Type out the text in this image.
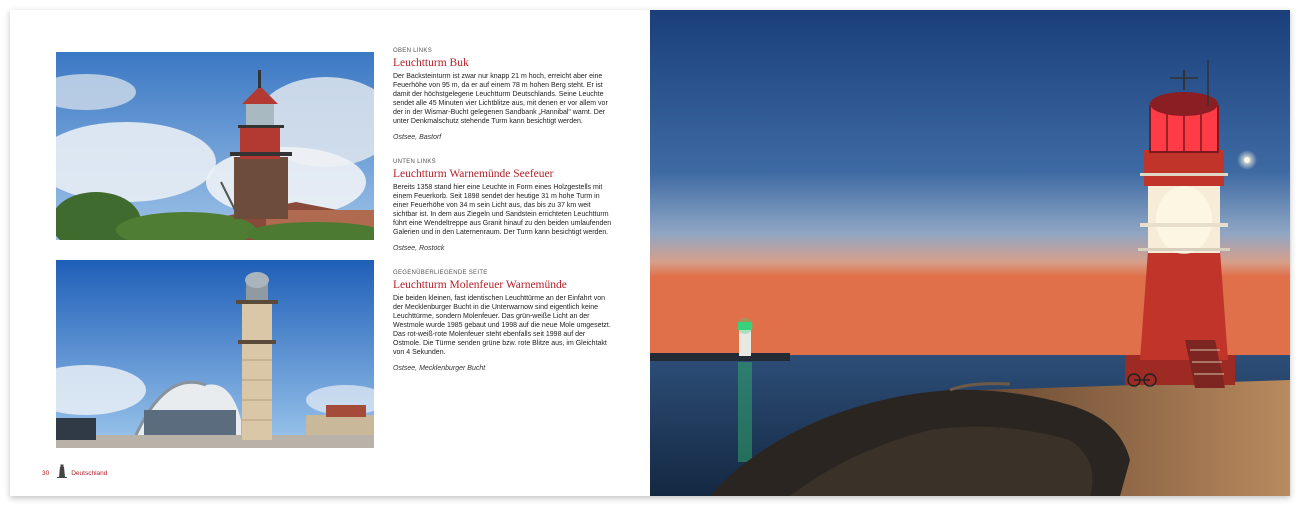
OBEN LINKS
Leuchtturm Buk
Der Backsteinturm ist zwar nur knapp 21 m hoch, erreicht aber eine Feuerhöhe von 95 m, da er auf einem 78 m hohen Berg steht. Er ist damit der höchstgelegene Leuchtturm Deutschlands. Seine Leuchte sendet alle 45 Minuten vier Lichtblitze aus, mit denen er vor allem vor der in der Wismar-Bucht gelegenen Sandbank „Hannibal“ warnt. Der unter Denkmalschutz stehende Turm kann besichtigt werden.
Ostsee, Bastorf
UNTEN LINKS
Leuchtturm Warnemünde Seefeuer
Bereits 1358 stand hier eine Leuchte in Form eines Holzgestells mit einem Feuerkorb. Seit 1898 sendet der heutige 31 m hohe Turm in einer Feuerhöhe von 34 m sein Licht aus, das bis zu 37 km weit sichtbar ist. In dem aus Ziegeln und Sandstein errichteten Leuchtturm führt eine Wendeltreppe aus Granit hinauf zu den beiden umlaufenden Galerien und in den Laternenraum. Der Turm kann besichtigt werden.
Ostsee, Rostock
GEGENÜBERLIEGENDE SEITE
Leuchtturm Molenfeuer Warnemünde
Die beiden kleinen, fast identischen Leuchttürme an der Einfahrt von der Mecklenburger Bucht in die Unterwarnow sind eigentlich keine Leuchttürme, sondern Molenfeuer. Das grün-weiße Licht an der Westmole wurde 1985 gebaut und 1998 auf die neue Mole umgesetzt. Das rot-weiß-rote Molenfeuer steht ebenfalls seit 1998 auf der Ostmole. Die Türme senden grüne bzw. rote Blitze aus, im Gleichtakt von 4 Sekunden.
Ostsee, Mecklenburger Bucht
30	Deutschland
